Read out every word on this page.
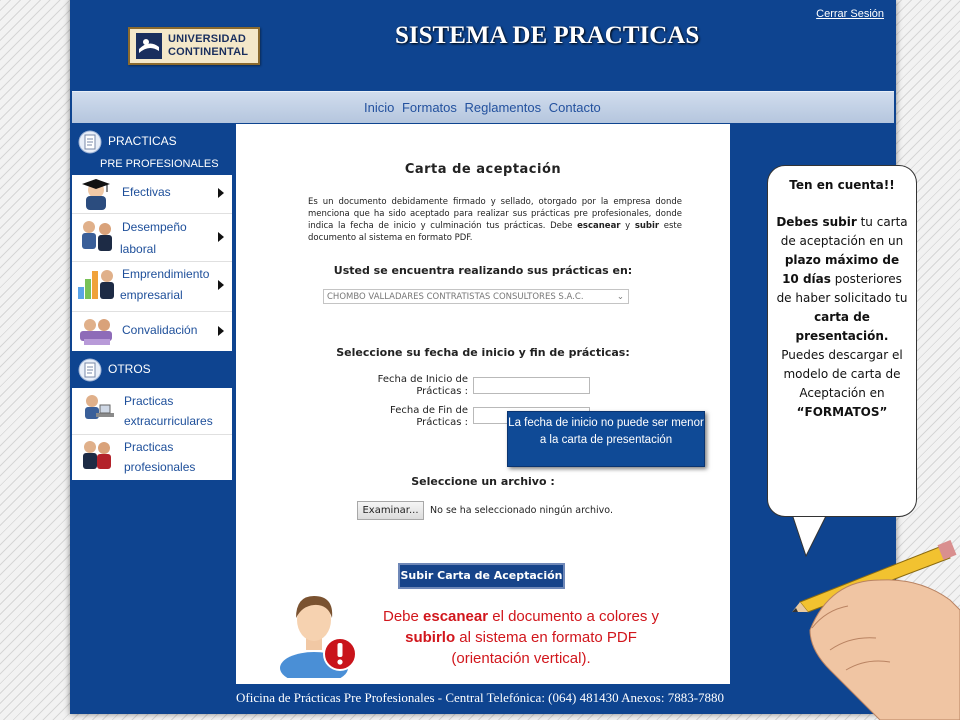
UNIVERSIDAD
CONTINENTAL
SISTEMA DE PRACTICAS
Cerrar Sesión
Inicio Formatos Reglamentos Contacto
PRACTICAS
PRE PROFESIONALES
Efectivas
Desempeño
laboral
Emprendimiento
empresarial
Convalidación
OTROS
Practicas
extracurriculares
Practicas
profesionales
Carta de aceptación
Es un documento debidamente firmado y sellado, otorgado por la empresa donde menciona que ha sido aceptado para realizar sus prácticas pre profesionales, donde indica la fecha de inicio y culminación tus prácticas. Debe escanear y subir este documento al sistema en formato PDF.
Usted se encuentra realizando sus prácticas en:
CHOMBO VALLADARES CONTRATISTAS CONSULTORES S.A.C.	⌄
Seleccione su fecha de inicio y fin de prácticas:
Fecha de Inicio de
Prácticas :
Fecha de Fin de
Prácticas :
Seleccione un archivo :
Examinar...	No se ha seleccionado ningún archivo.
Subir Carta de Aceptación
La fecha de inicio no puede ser menor a la carta de presentación
Debe escanear el documento a colores y subirlo al sistema en formato PDF (orientación vertical).
Oficina de Prácticas Pre Profesionales - Central Telefónica: (064) 481430 Anexos: 7883-7880
Ten en cuenta!!
Debes subir tu carta de aceptación en un plazo máximo de 10 días posteriores de haber solicitado tu carta de presentación. Puedes descargar el modelo de carta de Aceptación en “FORMATOS”
